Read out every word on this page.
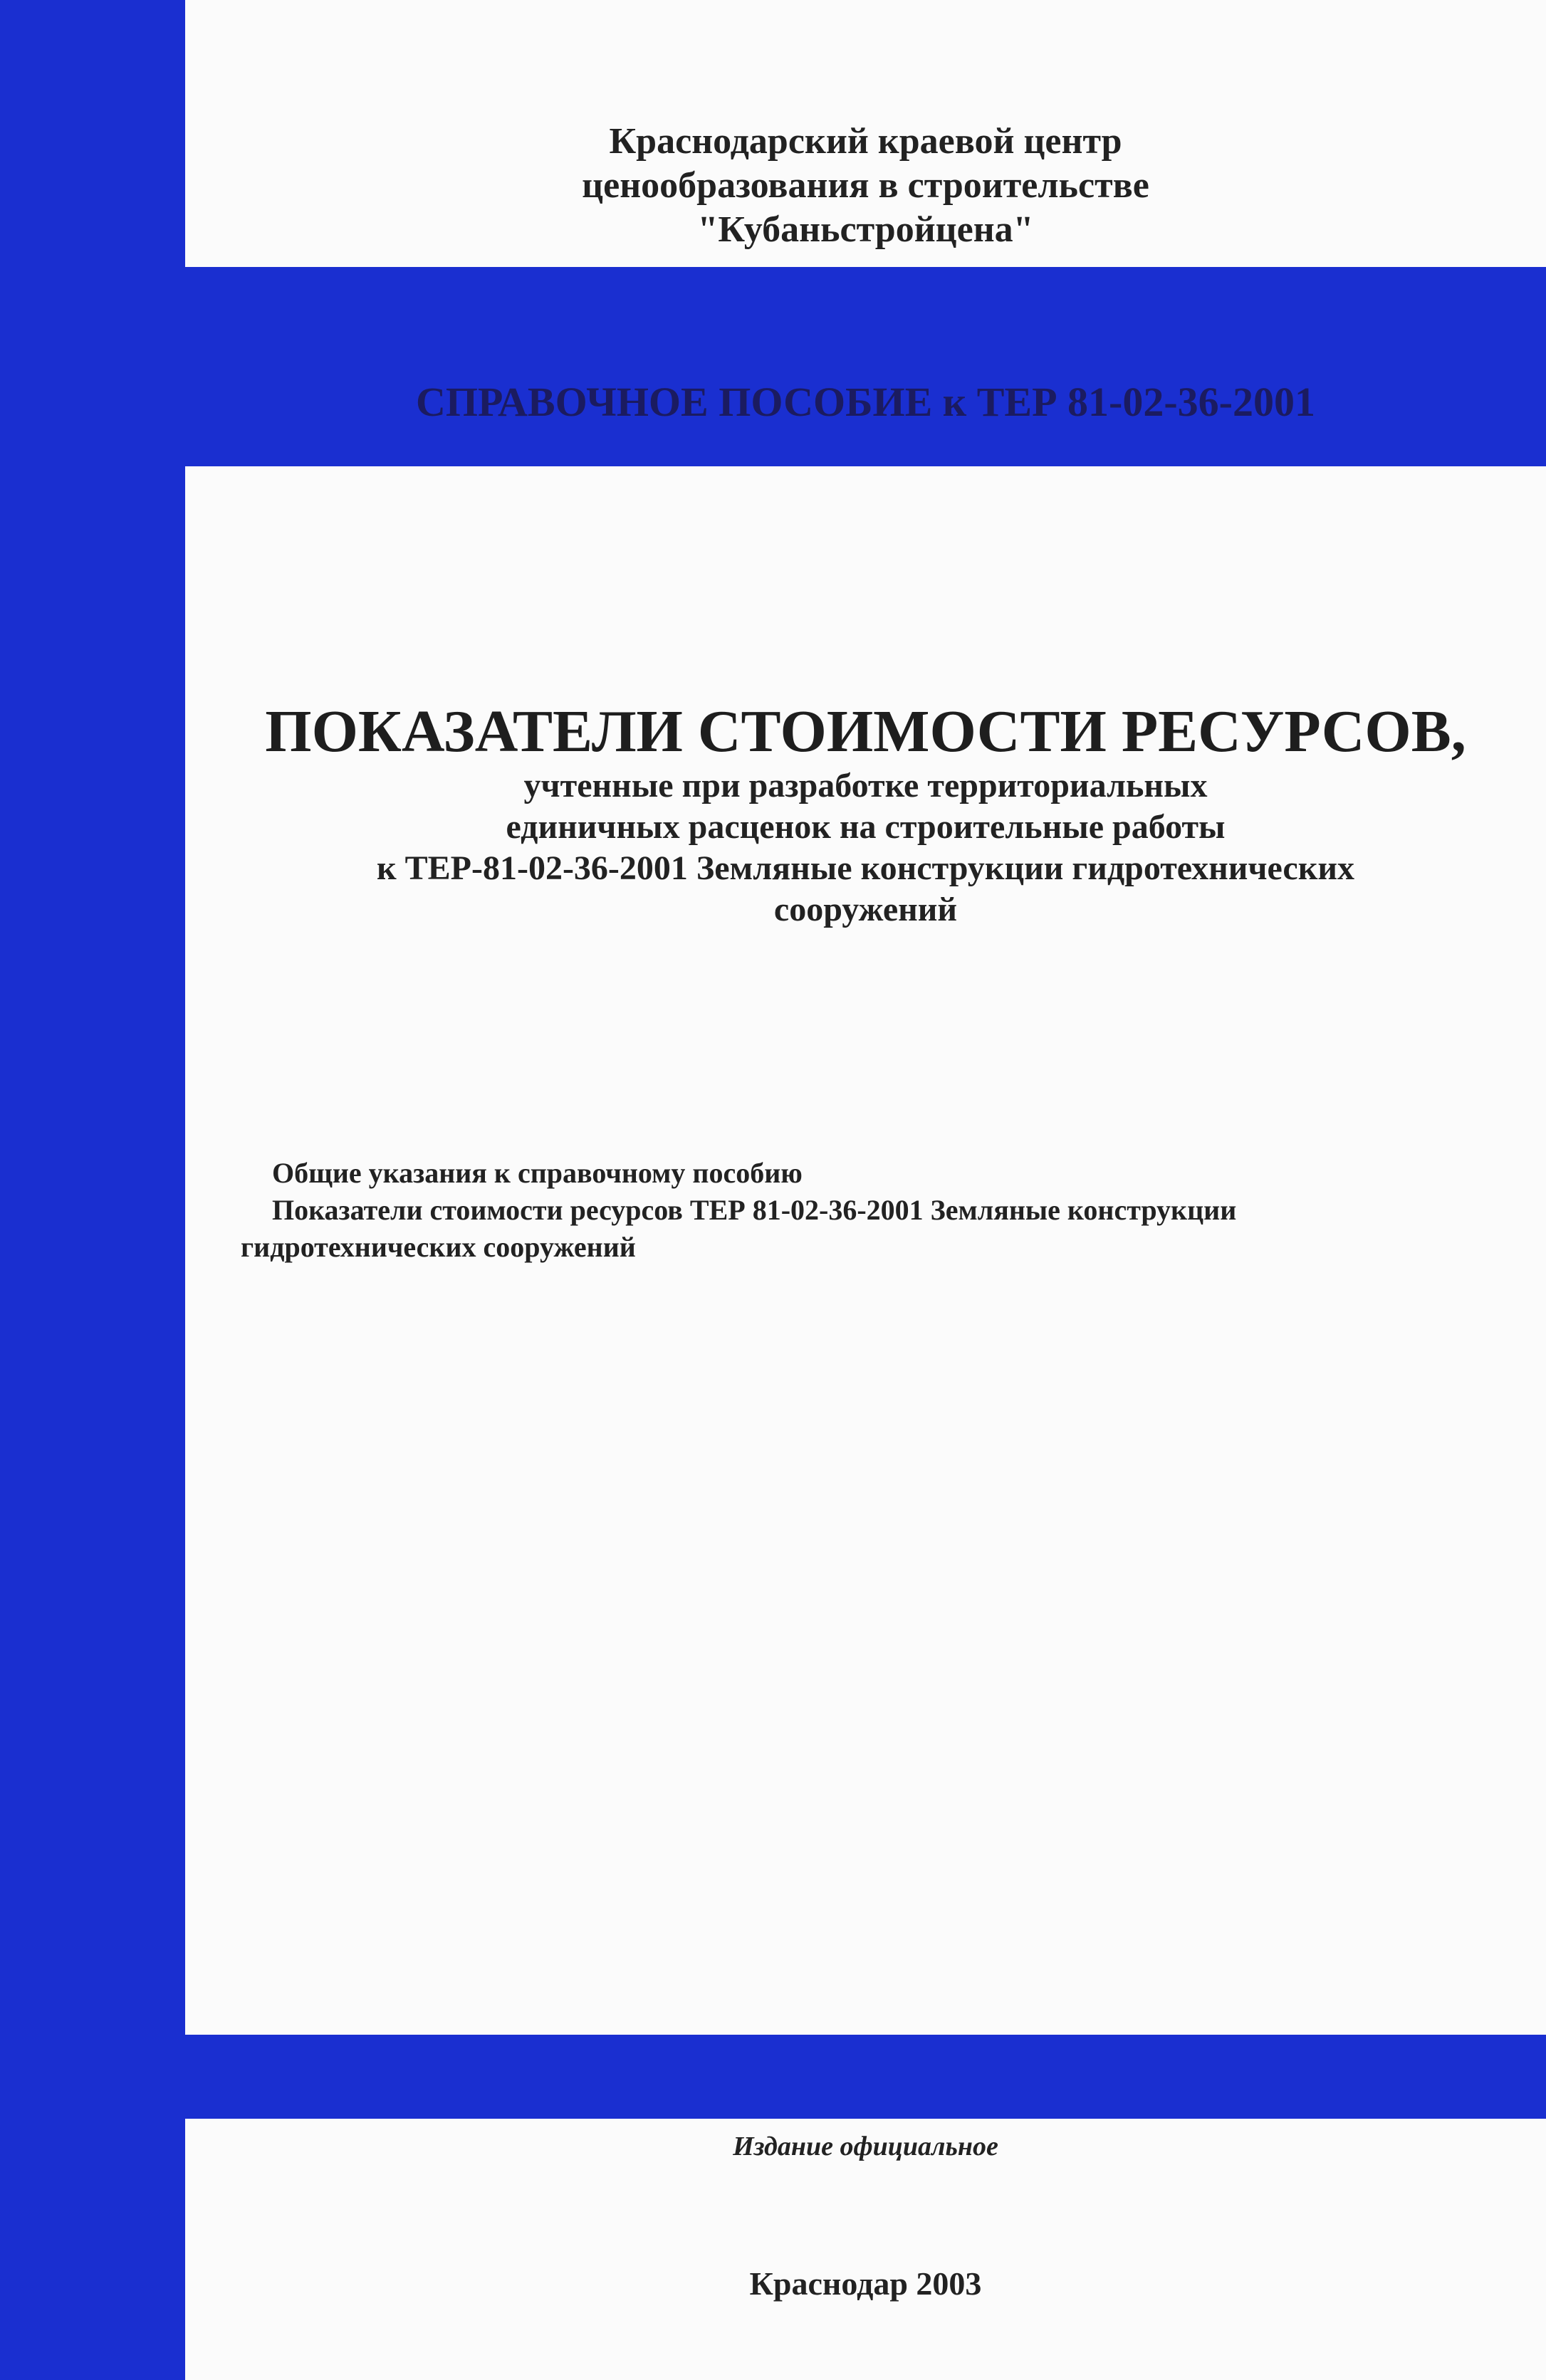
Краснодарский краевой центр
ценообразования в строительстве
"Кубаньстройцена"
СПРАВОЧНОЕ ПОСОБИЕ к ТЕР 81-02-36-2001
ПОКАЗАТЕЛИ СТОИМОСТИ РЕСУРСОВ,
учтенные при разработке территориальных
единичных расценок на строительные работы
к ТЕР-81-02-36-2001 Земляные конструкции гидротехнических
сооружений
Общие указания к справочному пособию
Показатели стоимости ресурсов ТЕР 81-02-36-2001 Земляные конструкции
гидротехнических сооружений
Издание официальное
Краснодар 2003
